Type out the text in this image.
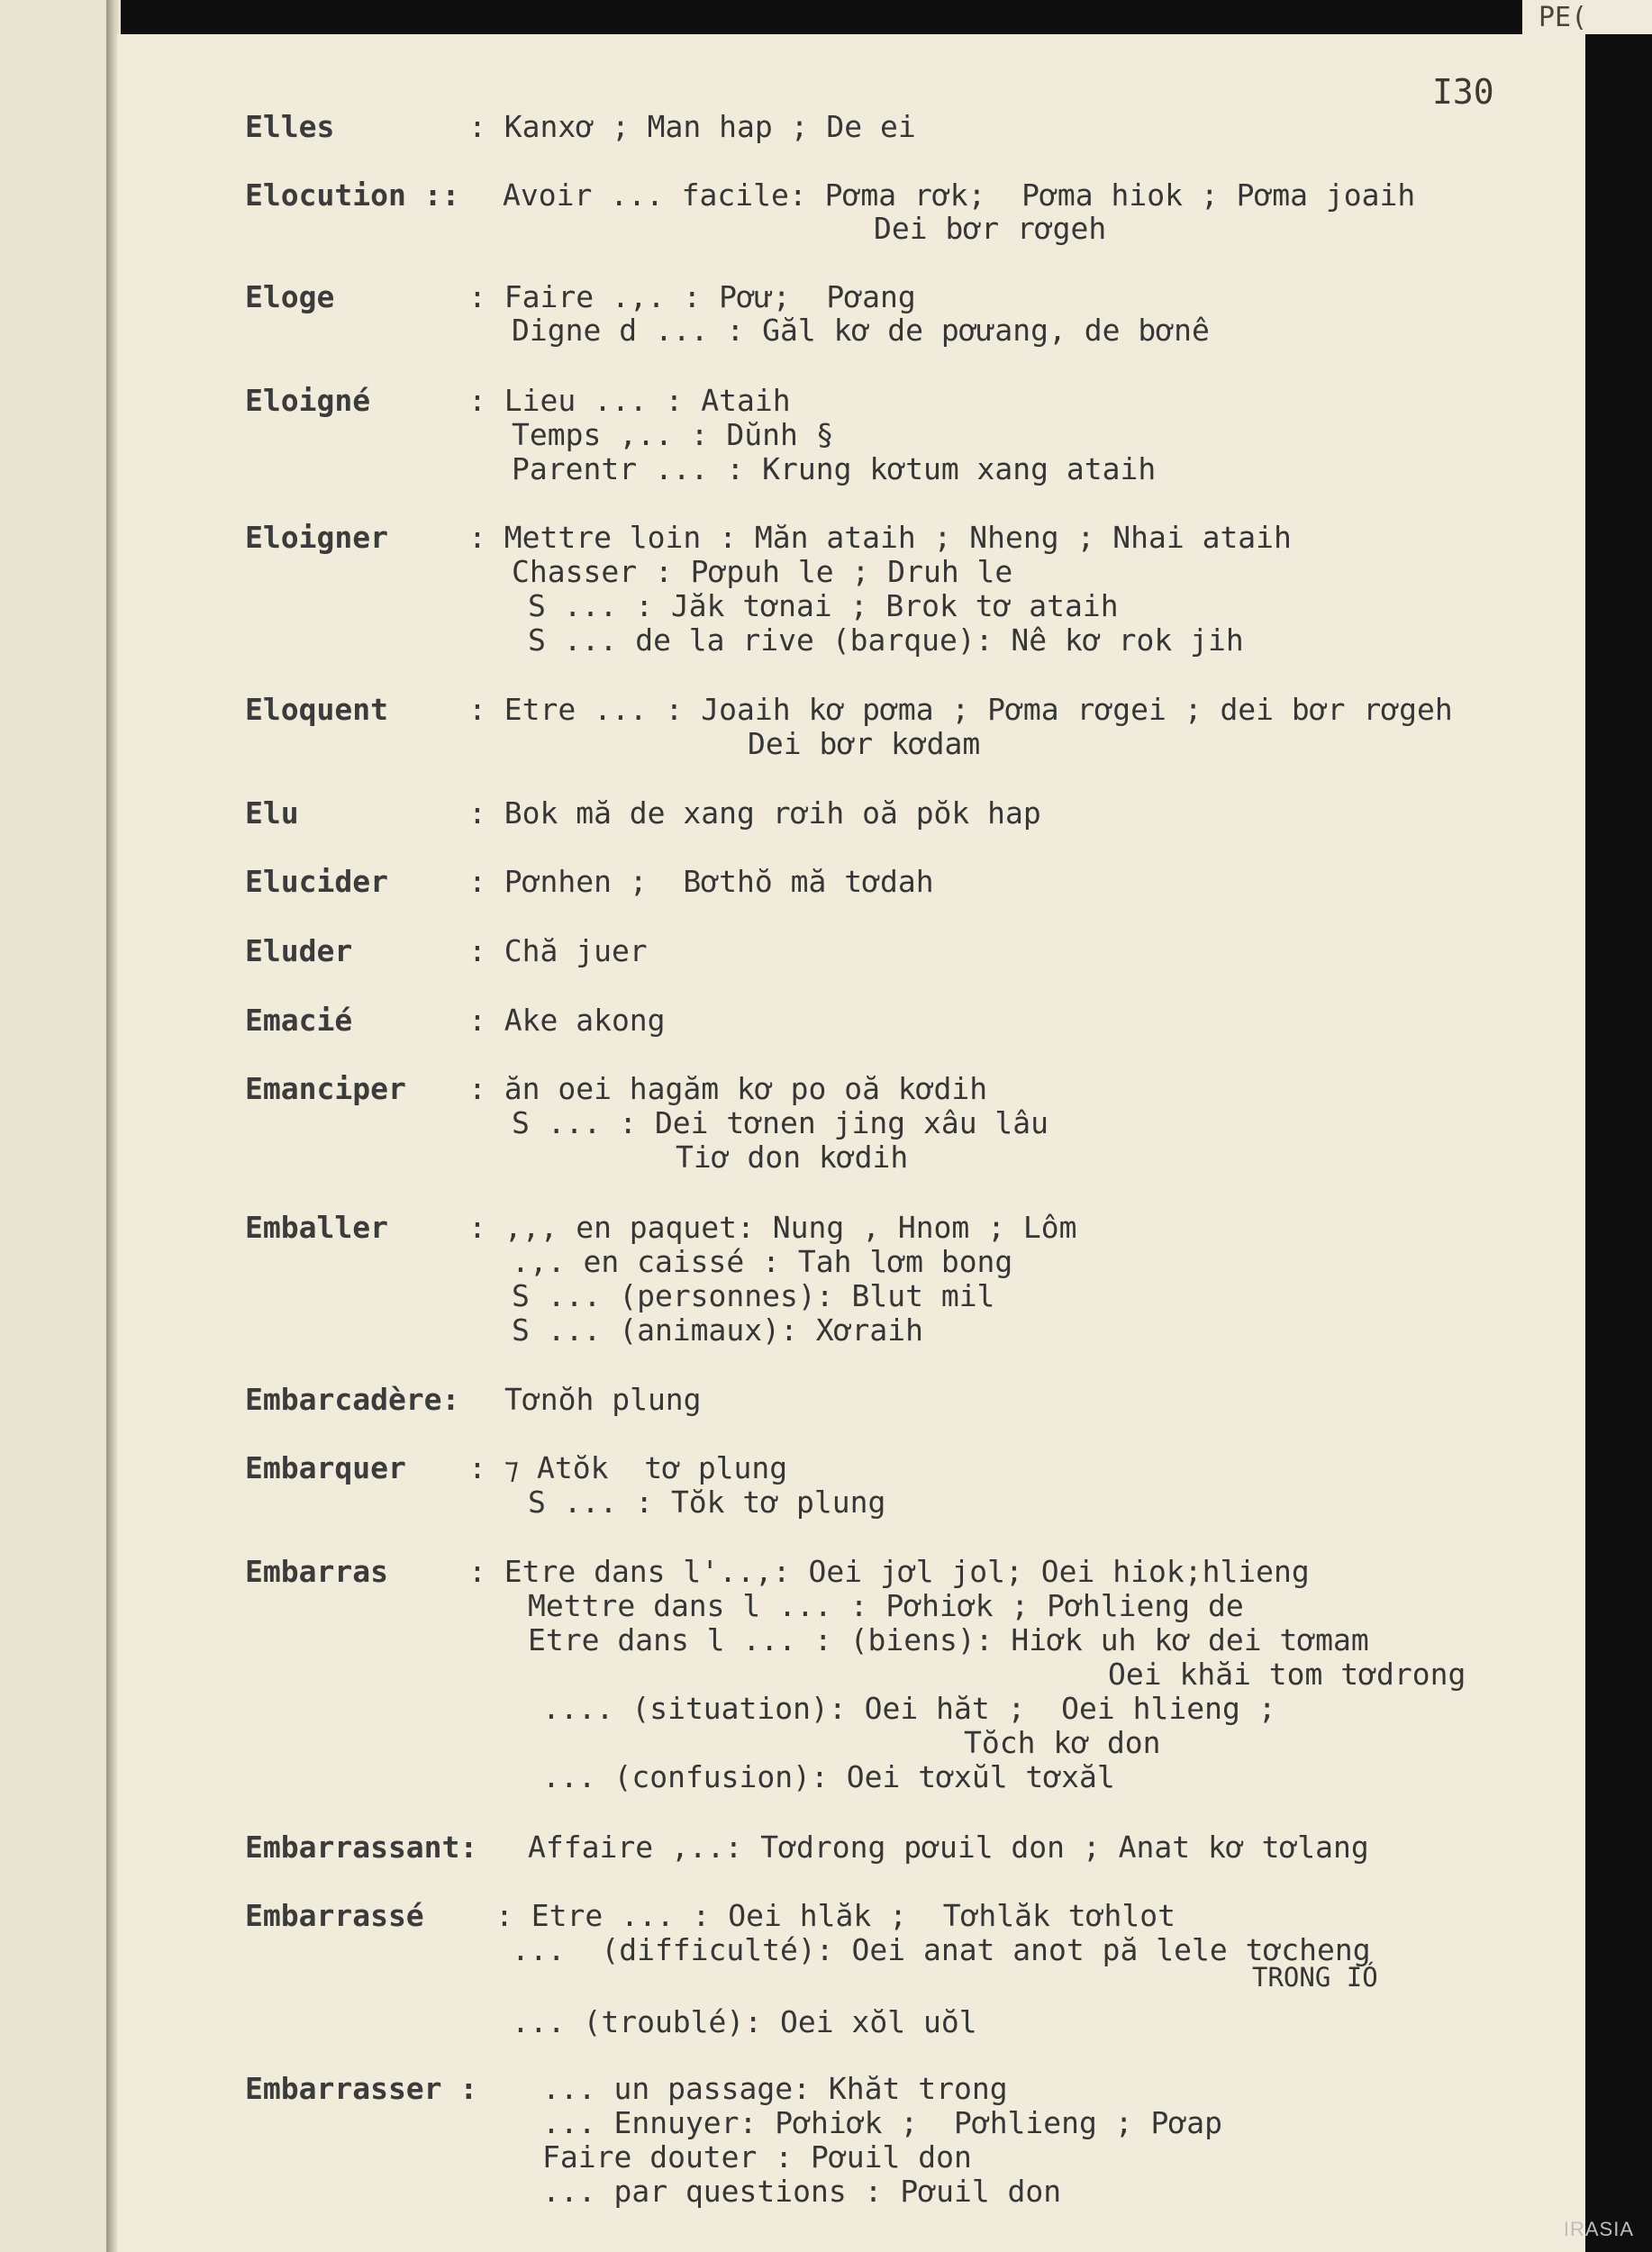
PE(
I30
Elles	: Kanxơ ; Man hap ; De ei
Elocution :: Avoir ... facile: Pơma rơk;  Pơma hiok ; Pơma joaih
Dei bơr rơgeh
Eloge	: Faire .,. : Pơư;  Pơang
Digne d ... : Găl kơ de pơưang, de bơnê
Eloigné	: Lieu ... : Ataih
Temps ,.. : Dŭnh §
Parentr ... : Krung kơtum xang ataih
Eloigner	: Mettre loin : Măn ataih ; Nheng ; Nhai ataih
Chasser : Pơpuh le ; Druh le
S ... : Jăk tơnai ; Brok tơ ataih
S ... de la rive (barque): Nê kơ rok jih
Eloquent	: Etre ... : Joaih kơ pơma ; Pơma rơgei ; dei bơr rơgeh
Dei bơr kơdam
Elu	: Bok mă de xang rơih oă pŏk hap
Elucider	: Pơnhen ;  Bơthŏ mă tơdah
Eluder	: Chă juer
Emacié	: Ake akong
Emanciper : ăn oei hagăm kơ po oă kơdih
S ... : Dei tơnen jing xâu lâu
Tiơ don kơdih
Emballer	: ,,, en paquet: Nung , Hnom ; Lôm
.,. en caissé : Tah lơm bong
S ... (personnes): Blut mil
S ... (animaux): Xơraih
Embarcadère: Tơnŏh plung
Embarquer : ⁊ Atŏk  tơ plung
S ... : Tŏk tơ plung
Embarras	: Etre dans l'..,: Oei jơl jol; Oei hiok;hlieng
Mettre dans l ... : Pơhiơk ; Pơhlieng de
Etre dans l ... : (biens): Hiơk uh kơ dei tơmam
Oei khăi tom tơdrong
.... (situation): Oei hăt ;  Oei hlieng ;
Tŏch kơ don
... (confusion): Oei tơxŭl tơxăl
Embarrassant: Affaire ,..: Tơdrong pơuil don ; Anat kơ tơlang
Embarrassé : Etre ... : Oei hlăk ;  Tơhlăk tơhlot
...  (difficulté): Oei anat anot pă lele tơcheng
TRONG IÓ
... (troublé): Oei xŏl uŏl
Embarrasser : ... un passage: Khăt trong
... Ennuyer: Pơhiơk ;  Pơhlieng ; Pơap
Faire douter : Pơuil don
... par questions : Pơuil don
IRASIA
